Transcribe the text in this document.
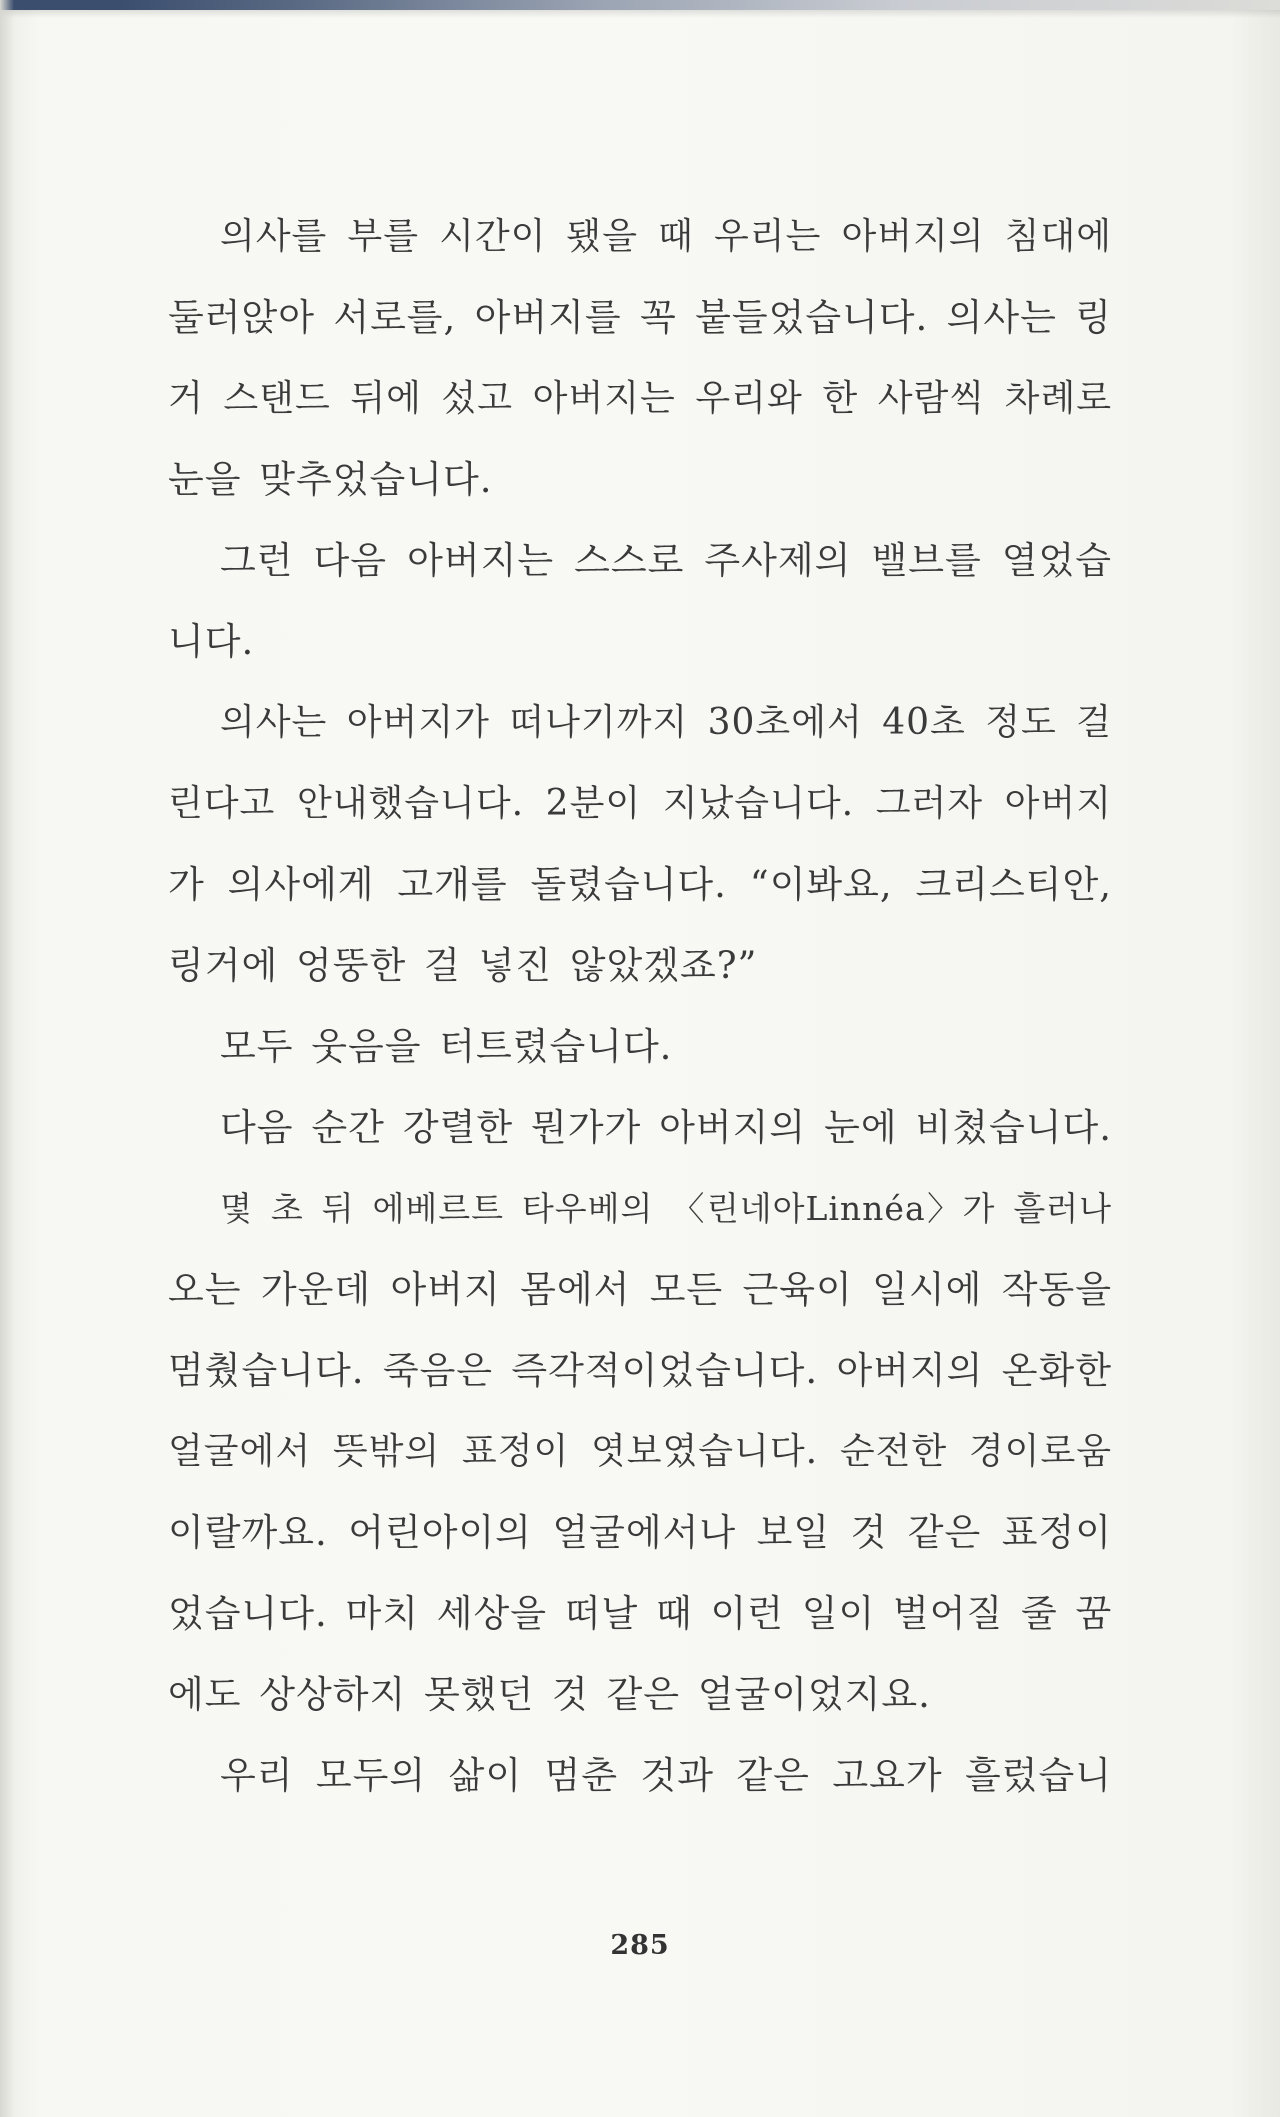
의사를 부를 시간이 됐을 때 우리는 아버지의 침대에

둘러앉아 서로를, 아버지를 꼭 붙들었습니다. 의사는 링

거 스탠드 뒤에 섰고 아버지는 우리와 한 사람씩 차례로

눈을 맞추었습니다.

그런 다음 아버지는 스스로 주사제의 밸브를 열었습

니다.

의사는 아버지가 떠나기까지 30초에서 40초 정도 걸

린다고 안내했습니다. 2분이 지났습니다. 그러자 아버지

가 의사에게 고개를 돌렸습니다. “이봐요, 크리스티안,

링거에 엉뚱한 걸 넣진 않았겠죠?”

모두 웃음을 터트렸습니다.

다음 순간 강렬한 뭔가가 아버지의 눈에 비쳤습니다.

몇 초 뒤 에베르트 타우베의 〈린네아Linnéa〉가 흘러나

오는 가운데 아버지 몸에서 모든 근육이 일시에 작동을

멈췄습니다. 죽음은 즉각적이었습니다. 아버지의 온화한

얼굴에서 뜻밖의 표정이 엿보였습니다. 순전한 경이로움

이랄까요. 어린아이의 얼굴에서나 보일 것 같은 표정이

었습니다. 마치 세상을 떠날 때 이런 일이 벌어질 줄 꿈

에도 상상하지 못했던 것 같은 얼굴이었지요.

우리 모두의 삶이 멈춘 것과 같은 고요가 흘렀습니

285
